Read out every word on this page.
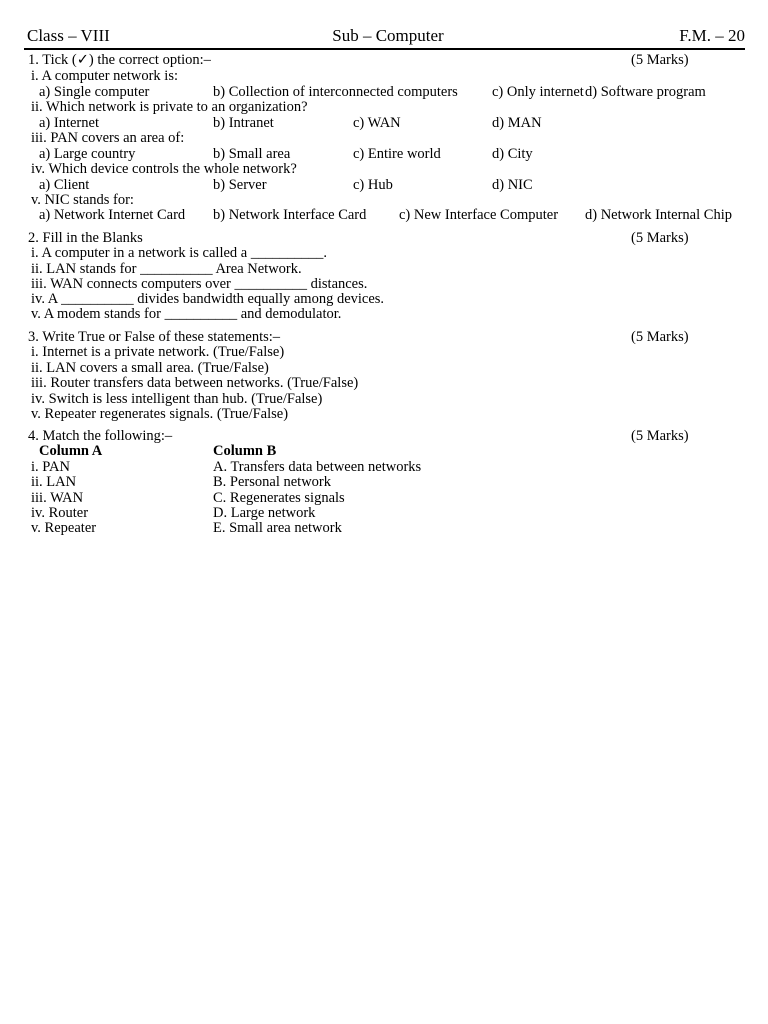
Class – VIII	Sub – Computer	F.M. – 20
1. Tick (✓) the correct option:–	(5 Marks)
i. A computer network is:
a) Single computer	b) Collection of interconnected computers c) Only internet d) Software program
ii. Which network is private to an organization?
a) Internet	b) Intranet	c) WAN	d) MAN
iii. PAN covers an area of:
a) Large country	b) Small area	c) Entire world	d) City
iv. Which device controls the whole network?
a) Client	b) Server	c) Hub	d) NIC
v. NIC stands for:
a) Network Internet Card b) Network Interface Card c) New Interface Computer d) Network Internal Chip
2. Fill in the Blanks	(5 Marks)
i. A computer in a network is called a __________.
ii. LAN stands for __________ Area Network.
iii. WAN connects computers over __________ distances.
iv. A __________ divides bandwidth equally among devices.
v. A modem stands for __________ and demodulator.
3. Write True or False of these statements:–	(5 Marks)
i. Internet is a private network. (True/False)
ii. LAN covers a small area. (True/False)
iii. Router transfers data between networks. (True/False)
iv. Switch is less intelligent than hub. (True/False)
v. Repeater regenerates signals. (True/False)
4. Match the following:–	(5 Marks)
Column A	Column B
i. PAN	A. Transfers data between networks
ii. LAN	B. Personal network
iii. WAN	C. Regenerates signals
iv. Router	D. Large network
v. Repeater	E. Small area network
